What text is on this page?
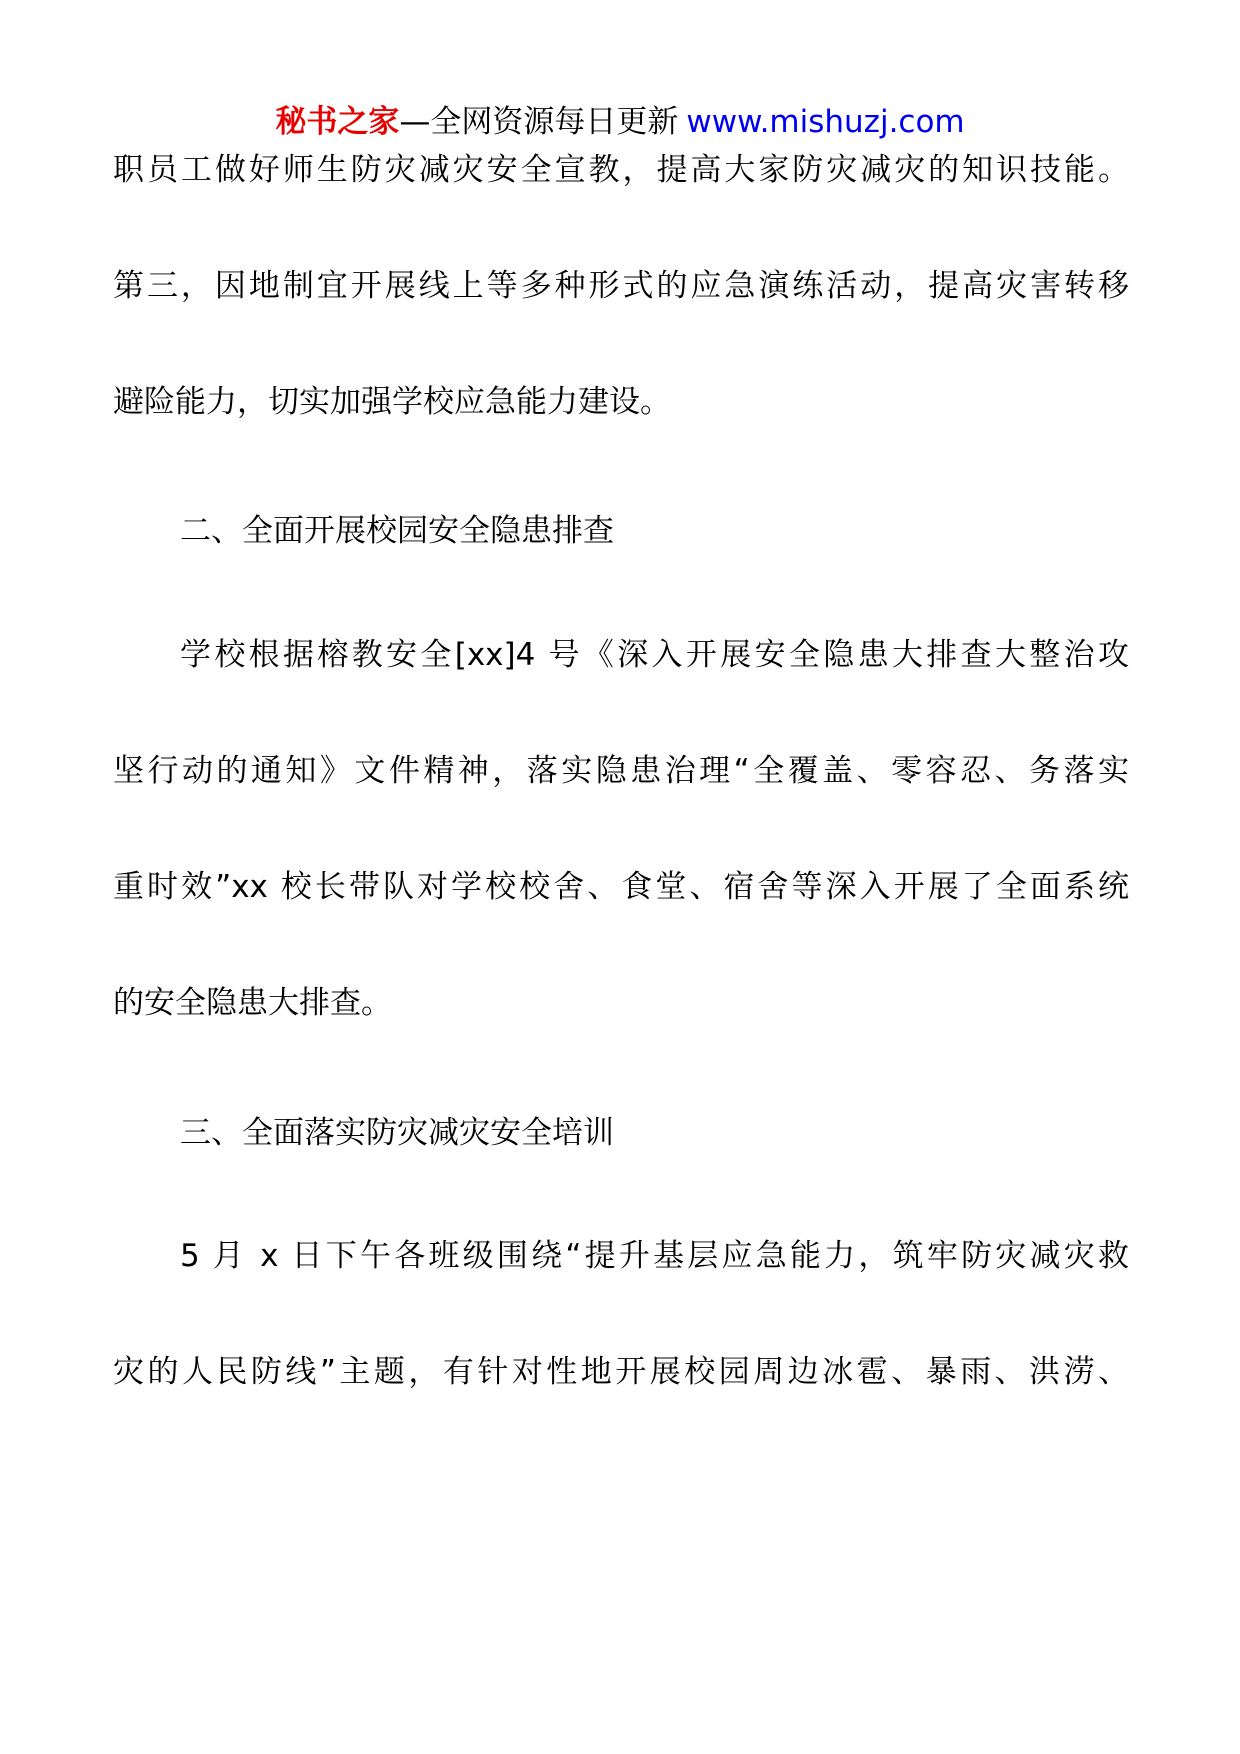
秘书之家—全网资源每日更新 www.mishuzj.com
职员工做好师生防灾减灾安全宣教，提高大家防灾减灾的知识技能。
第三，因地制宜开展线上等多种形式的应急演练活动，提高灾害转移
避险能力，切实加强学校应急能力建设。
二、全面开展校园安全隐患排查
学校根据榕教安全[xx]4 号《深入开展安全隐患大排查大整治攻
坚行动的通知》文件精神，落实隐患治理“全覆盖、零容忍、务落实
重时效”xx 校长带队对学校校舍、食堂、宿舍等深入开展了全面系统
的安全隐患大排查。
三、全面落实防灾减灾安全培训
5 月 x 日下午各班级围绕“提升基层应急能力，筑牢防灾减灾救
灾的人民防线”主题，有针对性地开展校园周边冰雹、暴雨、洪涝、
